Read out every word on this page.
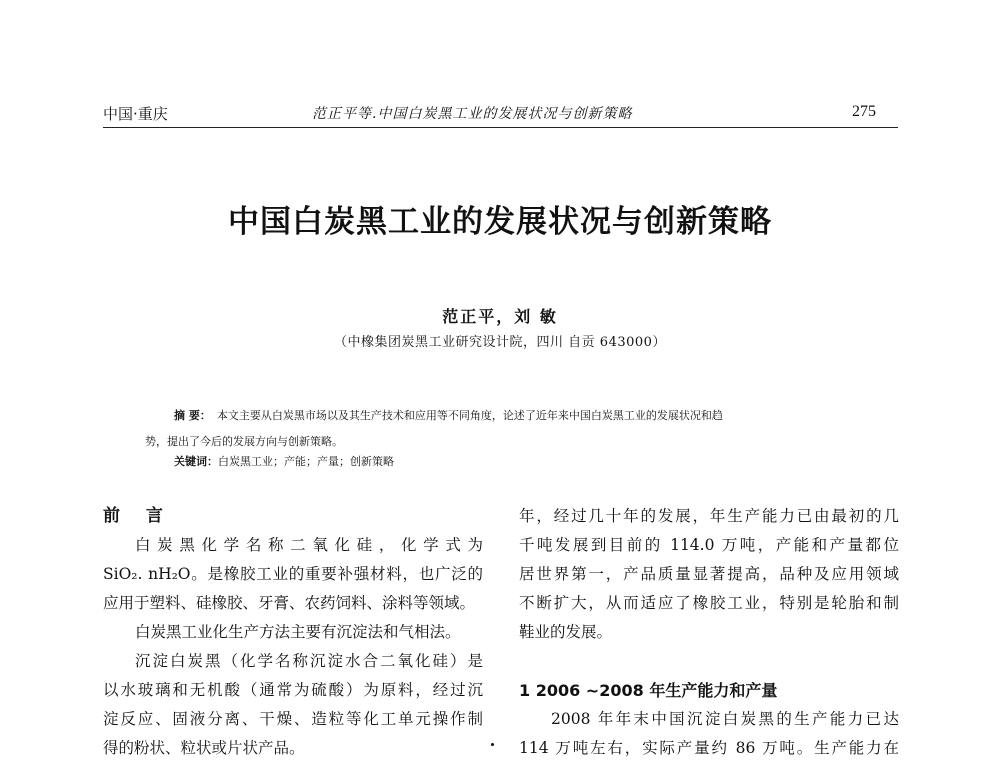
中国·重庆	范正平等.中国白炭黑工业的发展状况与创新策略	275
中国白炭黑工业的发展状况与创新策略
范正平，刘 敏
（中橡集团炭黑工业研究设计院，四川 自贡 643000）
摘 要： 本文主要从白炭黑市场以及其生产技术和应用等不同角度，论述了近年来中国白炭黑工业的发展状况和趋
势，提出了今后的发展方向与创新策略。
关键词：白炭黑工业；产能；产量；创新策略
前 言
白炭黑化学名称二氧化硅，化学式为
SiO₂. nH₂O。是橡胶工业的重要补强材料，也广泛的
应用于塑料、硅橡胶、牙膏、农药饲料、涂料等领域。
白炭黑工业化生产方法主要有沉淀法和气相法。
沉淀白炭黑（化学名称沉淀水合二氧化硅）是
以水玻璃和无机酸（通常为硫酸）为原料，经过沉
淀反应、固液分离、干燥、造粒等化工单元操作制
得的粉状、粒状或片状产品。
年，经过几十年的发展，年生产能力已由最初的几
千吨发展到目前的 114.0 万吨，产能和产量都位
居世界第一，产品质量显著提高，品种及应用领域
不断扩大，从而适应了橡胶工业，特别是轮胎和制
鞋业的发展。
1 2006 ~2008 年生产能力和产量
2008 年年末中国沉淀白炭黑的生产能力已达
114 万吨左右，实际产量约 86 万吨。生产能力在
